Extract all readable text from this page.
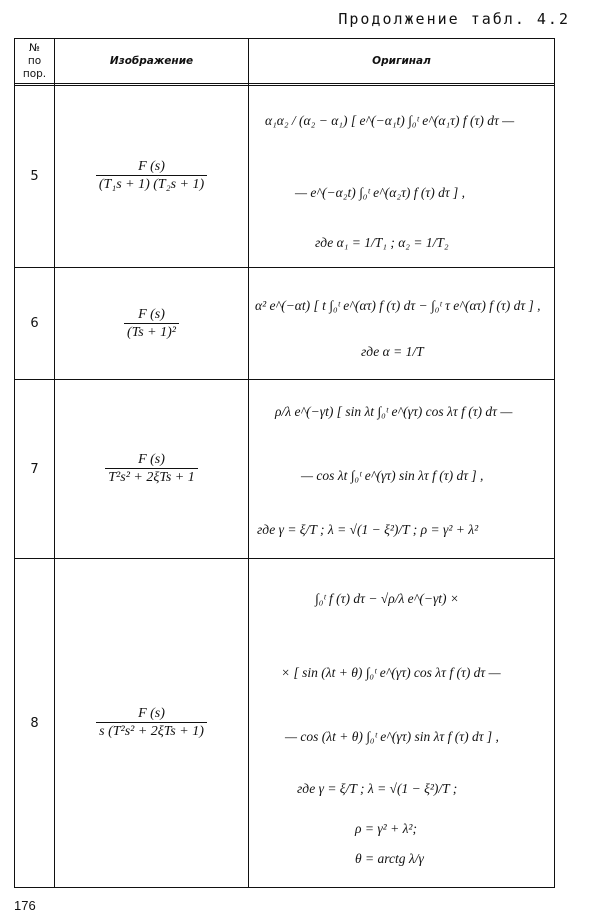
Продолжение табл. 4.2
№
по
пор.
Изображение	Оригинал
5
6
7
8
$\frac{F (s)}{\text{(T₁s + 1) (T₂s + 1)}}$
$\frac{F (s)}{\text{(Ts + 1)²}}$
$\frac{F (s)}{\text{T²s² + 2ξTs + 1}}$
$\frac{F (s)}{\text{s (T²s² + 2ξTs + 1)}}$
α₁α₂ / (α₂ − α₁) [ e^(−α₁t) ∫₀ᵗ e^(α₁τ) f (τ) dτ —
— e^(−α₂t) ∫₀ᵗ e^(α₂τ) f (τ) dτ ] ,
где α₁ = 1/T₁ ; α₂ = 1/T₂
α² e^(−αt) [ t ∫₀ᵗ e^(ατ) f (τ) dτ − ∫₀ᵗ τ e^(ατ) f (τ) dτ ] ,
где α = 1/T
ρ/λ e^(−γt) [ sin λt ∫₀ᵗ e^(γτ) cos λτ f (τ) dτ —
— cos λt ∫₀ᵗ e^(γτ) sin λτ f (τ) dτ ] ,
где γ = ξ/T ; λ = √(1 − ξ²)/T ; ρ = γ² + λ²
∫₀ᵗ f (τ) dτ − √ρ/λ e^(−γt) ×
× [ sin (λt + θ) ∫₀ᵗ e^(γτ) cos λτ f (τ) dτ —
— cos (λt + θ) ∫₀ᵗ e^(γτ) sin λτ f (τ) dτ ] ,
где γ = ξ/T ; λ = √(1 − ξ²)/T ;
ρ = γ² + λ²;
θ = arctg λ/γ
176
